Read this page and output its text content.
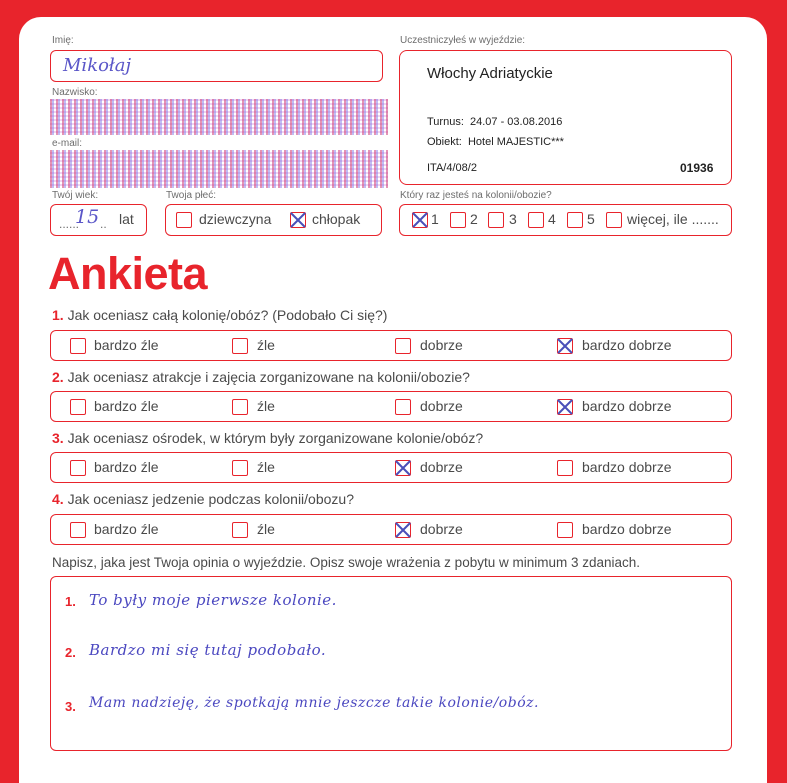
Imię:
Mikołaj
Nazwisko:
e-mail:
Twój wiek:
......
15 .. lat
Twoja płeć:
dziewczyna	chłopak
Uczestniczyłeś w wyjeździe:
Włochy Adriatyckie
Turnus:  24.07 - 03.08.2016
Obiekt:  Hotel MAJESTIC***
ITA/4/08/2	01936
Który raz jesteś na kolonii/obozie?
1 2 3 4 5 więcej, ile .......
Ankieta
1. Jak oceniasz całą kolonię/obóz? (Podobało Ci się?)
bardzo źle	źle	dobrze	bardzo dobrze
2. Jak oceniasz atrakcje i zajęcia zorganizowane na kolonii/obozie?
bardzo źle	źle	dobrze	bardzo dobrze
3. Jak oceniasz ośrodek, w którym były zorganizowane kolonie/obóz?
bardzo źle	źle	dobrze	bardzo dobrze
4. Jak oceniasz jedzenie podczas kolonii/obozu?
bardzo źle	źle	dobrze	bardzo dobrze
Napisz, jaka jest Twoja opinia o wyjeździe. Opisz swoje wrażenia z pobytu w minimum 3 zdaniach.
1. To były moje pierwsze kolonie.
2. Bardzo mi się tutaj podobało.
3. Mam nadzieję, że spotkają mnie jeszcze takie kolonie/obóz.
